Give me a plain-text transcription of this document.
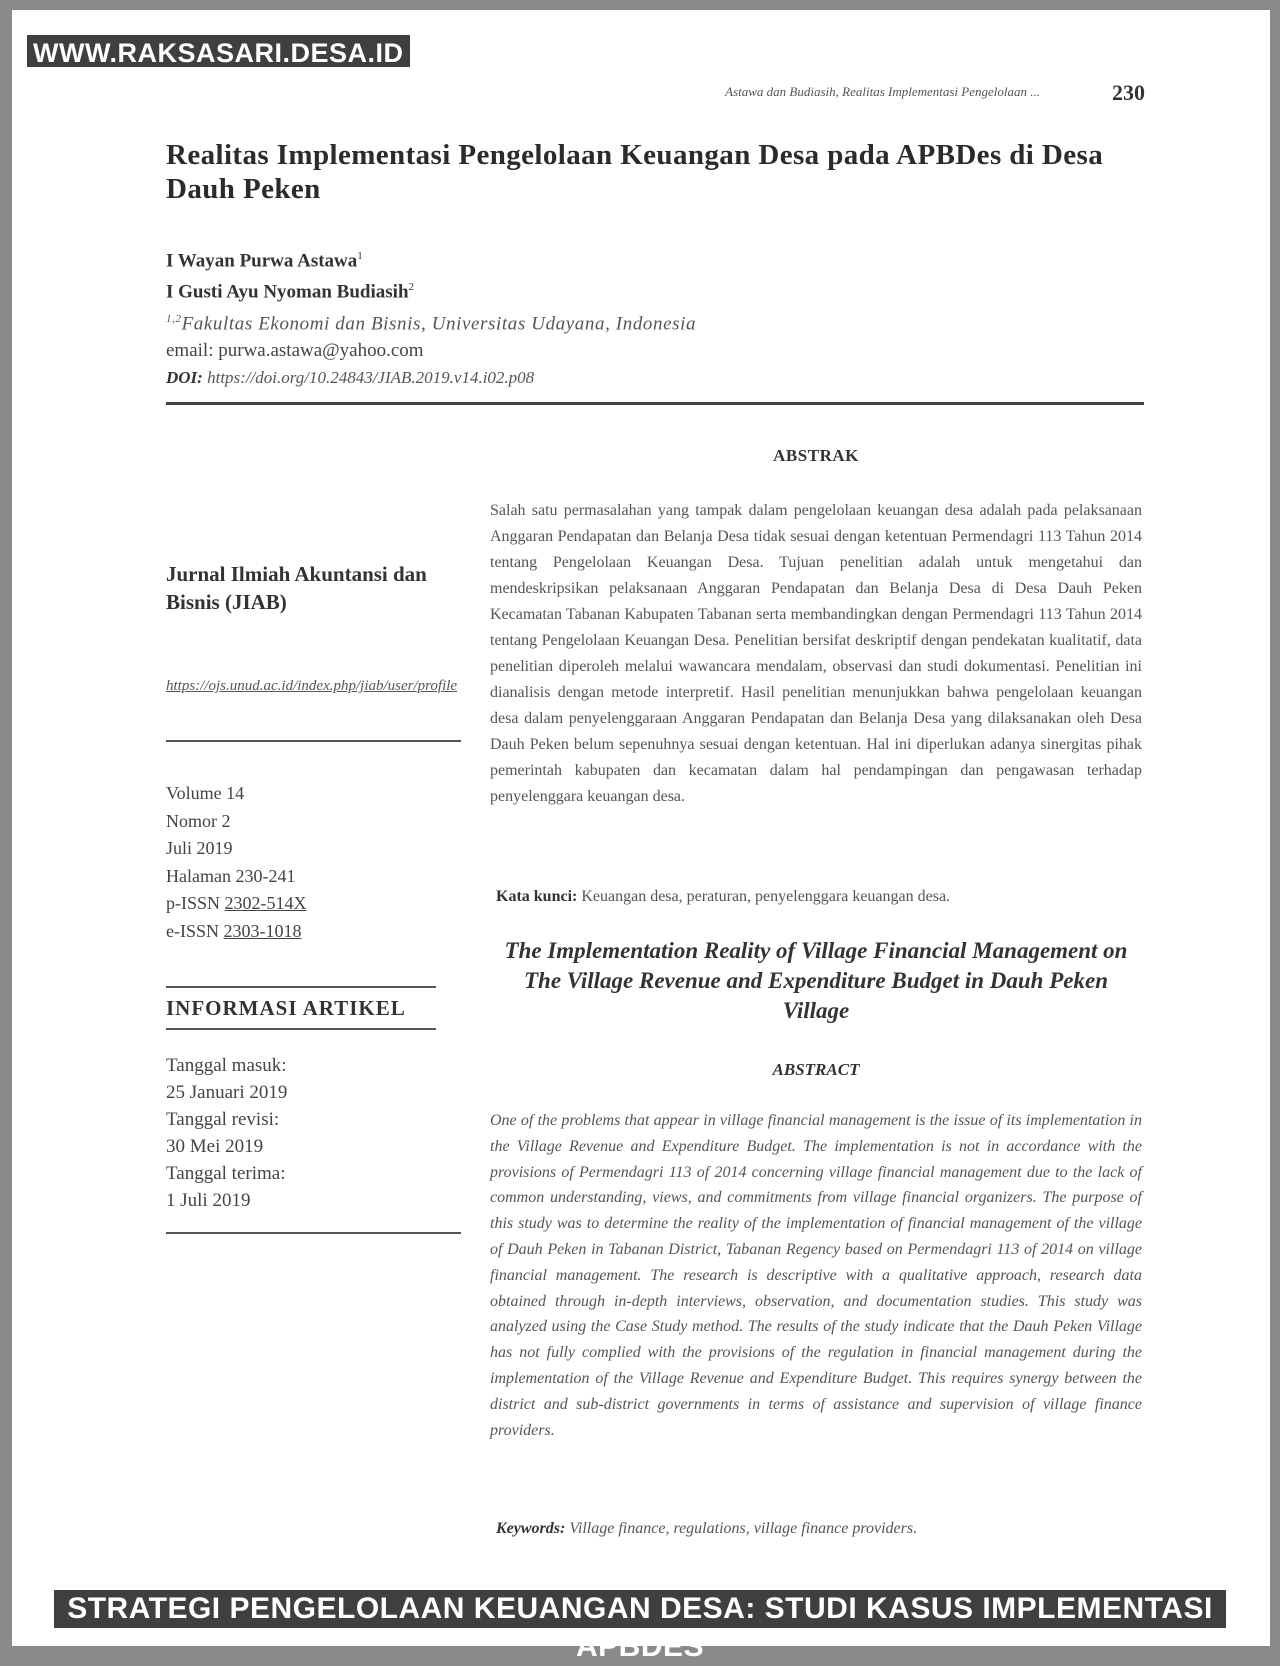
WWW.RAKSASARI.DESA.ID
Astawa dan Budiasih, Realitas Implementasi Pengelolaan ...	230
Realitas Implementasi Pengelolaan Keuangan Desa pada APBDes di Desa Dauh Peken
I Wayan Purwa Astawa$^1$
I Gusti Ayu Nyoman Budiasih$^2$
$^{1,2}$Fakultas Ekonomi dan Bisnis, Universitas Udayana, Indonesia
email: purwa.astawa@yahoo.com
DOI: https://doi.org/10.24843/JIAB.2019.v14.i02.p08
Jurnal Ilmiah Akuntansi dan Bisnis (JIAB)
https://ojs.unud.ac.id/index.php/jiab/user/profile
Volume 14
Nomor 2
Juli 2019
Halaman 230-241
p-ISSN 2302-514X
e-ISSN 2303-1018
INFORMASI ARTIKEL
Tanggal masuk:
25 Januari 2019
Tanggal revisi:
30 Mei 2019
Tanggal terima:
1 Juli 2019
ABSTRAK
Salah satu permasalahan yang tampak dalam pengelolaan keuangan desa adalah pada pelaksanaan Anggaran Pendapatan dan Belanja Desa tidak sesuai dengan ketentuan Permendagri 113 Tahun 2014 tentang Pengelolaan Keuangan Desa. Tujuan penelitian adalah untuk mengetahui dan mendeskripsikan pelaksanaan Anggaran Pendapatan dan Belanja Desa di Desa Dauh Peken Kecamatan Tabanan Kabupaten Tabanan serta membandingkan dengan Permendagri 113 Tahun 2014 tentang Pengelolaan Keuangan Desa. Penelitian bersifat deskriptif dengan pendekatan kualitatif, data penelitian diperoleh melalui wawancara mendalam, observasi dan studi dokumentasi. Penelitian ini dianalisis dengan metode interpretif. Hasil penelitian menunjukkan bahwa pengelolaan keuangan desa dalam penyelenggaraan Anggaran Pendapatan dan Belanja Desa yang dilaksanakan oleh Desa Dauh Peken belum sepenuhnya sesuai dengan ketentuan. Hal ini diperlukan adanya sinergitas pihak pemerintah kabupaten dan kecamatan dalam hal pendampingan dan pengawasan terhadap penyelenggara keuangan desa.
Kata kunci: Keuangan desa, peraturan, penyelenggara keuangan desa.
The Implementation Reality of Village Financial Management on The Village Revenue and Expenditure Budget in Dauh Peken Village
ABSTRACT
One of the problems that appear in village financial management is the issue of its implementation in the Village Revenue and Expenditure Budget. The implementation is not in accordance with the provisions of Permendagri 113 of 2014 concerning village financial management due to the lack of common understanding, views, and commitments from village financial organizers. The purpose of this study was to determine the reality of the implementation of financial management of the village of Dauh Peken in Tabanan District, Tabanan Regency based on Permendagri 113 of 2014 on village financial management. The research is descriptive with a qualitative approach, research data obtained through in-depth interviews, observation, and documentation studies. This study was analyzed using the Case Study method. The results of the study indicate that the Dauh Peken Village has not fully complied with the provisions of the regulation in financial management during the implementation of the Village Revenue and Expenditure Budget. This requires synergy between the district and sub-district governments in terms of assistance and supervision of village finance providers.
Keywords: Village finance, regulations, village finance providers.
STRATEGI PENGELOLAAN KEUANGAN DESA: STUDI KASUS IMPLEMENTASI APBDES
